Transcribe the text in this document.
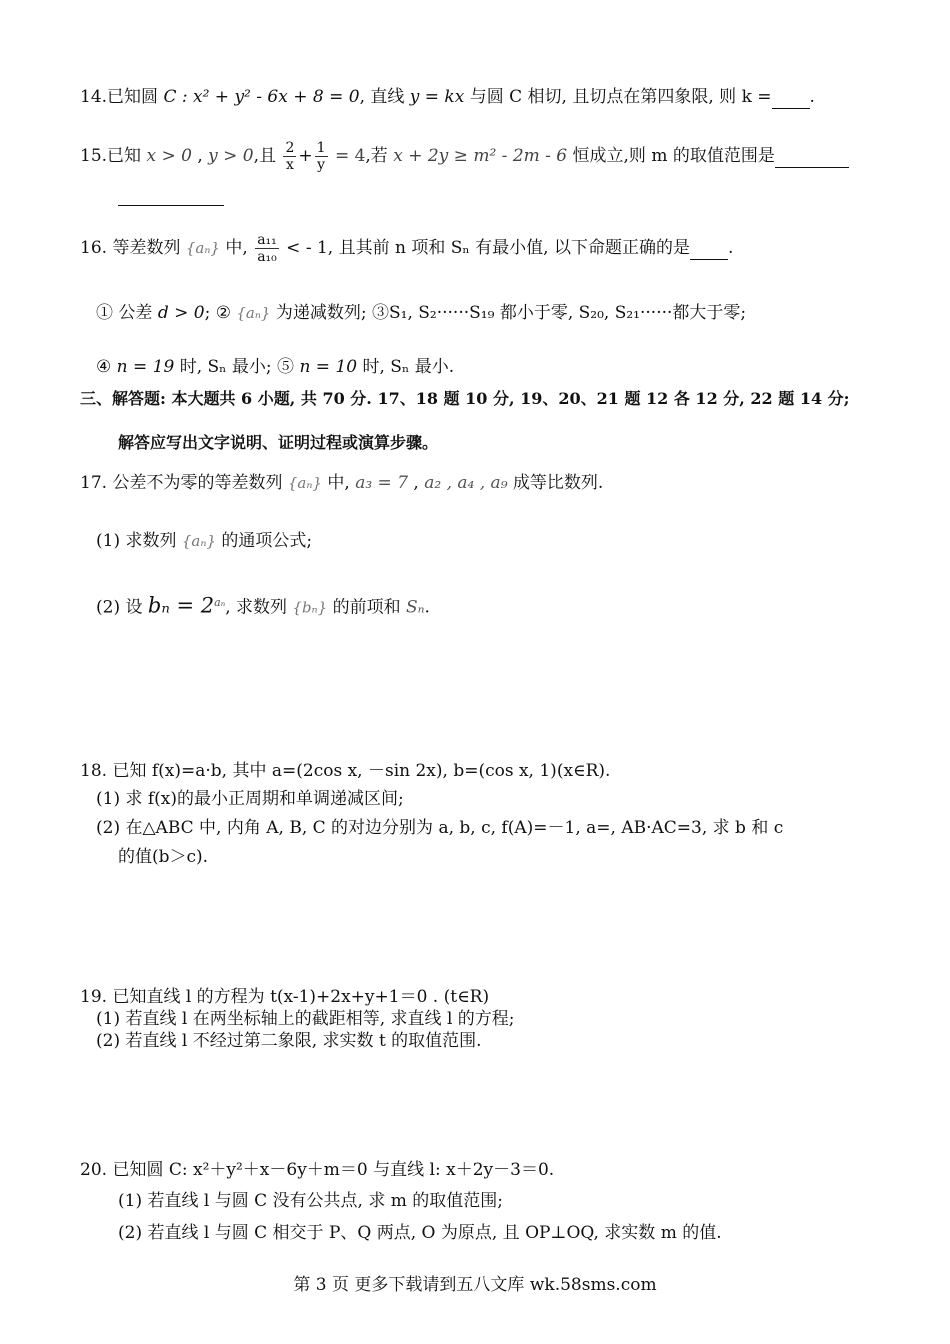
14.已知圆 C : x² + y² - 6x + 8 = 0, 直线 y = kx 与圆 C 相切, 且切点在第四象限, 则 k = .
15.已知 x > 0 , y > 0,且 $\frac{2}{x} + \frac{1}{y} = 4$,若 x + 2y ≥ m² - 2m - 6 恒成立,则 m 的取值范围是
16. 等差数列 {aₙ} 中, $\frac{\text{a₁₁}}{\text{a₁₀}}$ < - 1, 且其前 n 项和 Sₙ 有最小值, 以下命题正确的是 .
① 公差 d > 0; ② {aₙ} 为递减数列; ③S₁, S₂······S₁₉ 都小于零, S₂₀, S₂₁······都大于零;
④ n = 19 时, Sₙ 最小; ⑤ n = 10 时, Sₙ 最小.
三、解答题: 本大题共 6 小题, 共 70 分. 17、18 题 10 分, 19、20、21 题 12 各 12 分, 22 题 14 分;
解答应写出文字说明、证明过程或演算步骤。
17. 公差不为零的等差数列 {aₙ} 中, a₃ = 7 , a₂ , a₄ , a₉ 成等比数列.
(1) 求数列 {aₙ} 的通项公式;
(2) 设 $b_n = 2^{a_n}$, 求数列 {bₙ} 的前项和 Sₙ.
18. 已知 f(x)=a·b, 其中 a=(2cos x, －sin 2x), b=(cos x, 1)(x∈R).
(1) 求 f(x)的最小正周期和单调递减区间;
(2) 在△ABC 中, 内角 A, B, C 的对边分别为 a, b, c, f(A)=－1, a=, AB·AC=3, 求 b 和 c
的值(b＞c).
19. 已知直线 l 的方程为 t(x-1)+2x+y+1＝0 . (t∈R)
(1) 若直线 l 在两坐标轴上的截距相等, 求直线 l 的方程;
(2) 若直线 l 不经过第二象限, 求实数 t 的取值范围.
20. 已知圆 C: x²＋y²＋x－6y＋m＝0 与直线 l: x＋2y－3＝0.
(1) 若直线 l 与圆 C 没有公共点, 求 m 的取值范围;
(2) 若直线 l 与圆 C 相交于 P、Q 两点, O 为原点, 且 OP⊥OQ, 求实数 m 的值.
第 3 页 更多下载请到五八文库 wk.58sms.com
